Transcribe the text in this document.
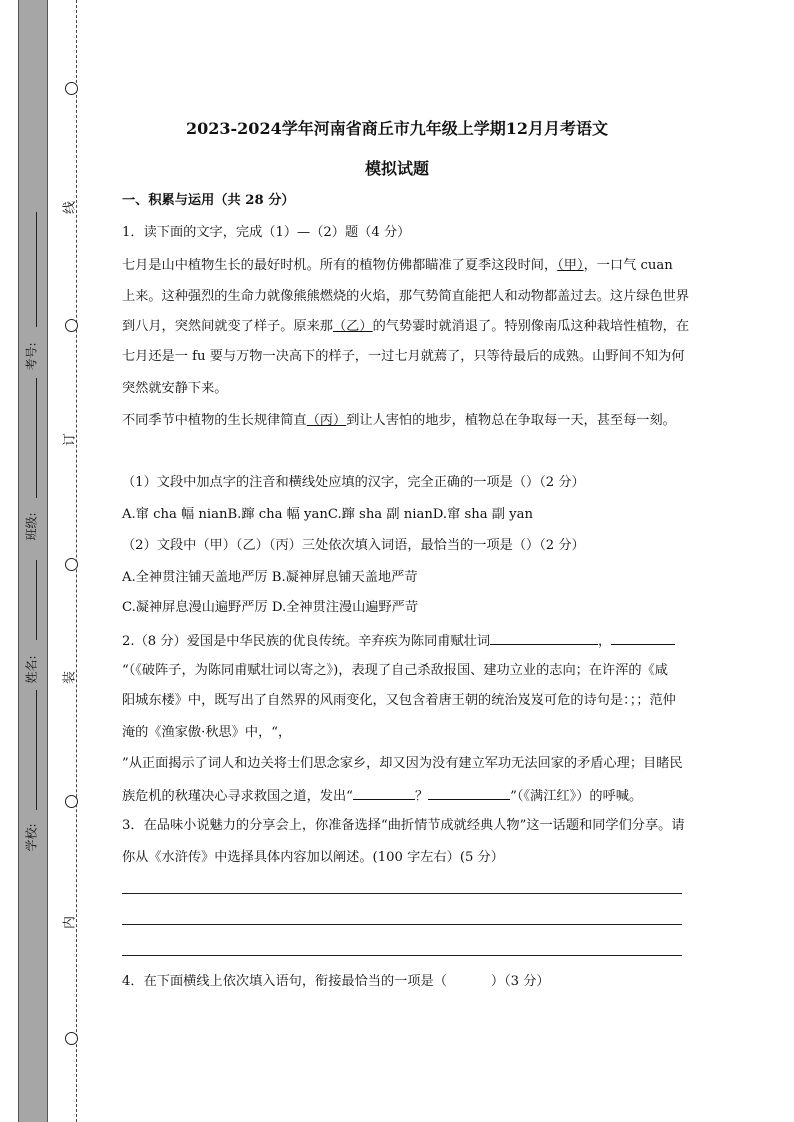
线
订
装
内
考号:
班级:
姓名:
学校:
2023-2024学年河南省商丘市九年级上学期12月月考语文
模拟试题
一、积累与运用（共 28 分）
1．读下面的文字，完成（1）—（2）题（4 分）
七月是山中植物生长的最好时机。所有的植物仿佛都瞄准了夏季这段时间，（甲），一口气 cuan
上来。这种强烈的生命力就像熊熊燃烧的火焰，那气势简直能把人和动物都盖过去。这片绿色世界
到八月，突然间就变了样子。原来那（乙）的气势霎时就消退了。特别像南瓜这种栽培性植物，在
七月还是一 fu 要与万物一决高下的样子，一过七月就蔫了，只等待最后的成熟。山野间不知为何
突然就安静下来。
不同季节中植物的生长规律简直（丙）到让人害怕的地步，植物总在争取每一天，甚至每一刻。
（1）文段中加点字的注音和横线处应填的汉字，完全正确的一项是（）（2 分）
A.窜 cha 幅 nianB.蹿 cha 幅 yanC.蹿 sha 副 nianD.窜 sha 副 yan
（2）文段中（甲）（乙）（丙）三处依次填入词语，最恰当的一项是（）（2 分）
A.全神贯注铺天盖地严厉 B.凝神屏息铺天盖地严苛
C.凝神屏息漫山遍野严厉 D.全神贯注漫山遍野严苛
2.（8 分）爱国是中华民族的优良传统。辛弃疾为陈同甫赋壮词	，
“（《破阵子，为陈同甫赋壮词以寄之》)，表现了自己杀敌报国、建功立业的志向；在许浑的《咸
阳城东楼》中，既写出了自然界的风雨变化，又包含着唐王朝的统治岌岌可危的诗句是：；；范仲
淹的《渔家傲·秋思》中，“，
”从正面揭示了词人和边关将士们思念家乡，却又因为没有建立军功无法回家的矛盾心理；目睹民
族危机的秋瑾决心寻求救国之道，发出“	？	”（《满江红》）的呼喊。
3．在品味小说魅力的分享会上，你准备选择“曲折情节成就经典人物”这一话题和同学们分享。请
你从《水浒传》中选择具体内容加以阐述。(100 字左右）(5 分）
4．在下面横线上依次填入语句，衔接最恰当的一项是（	）（3 分）
